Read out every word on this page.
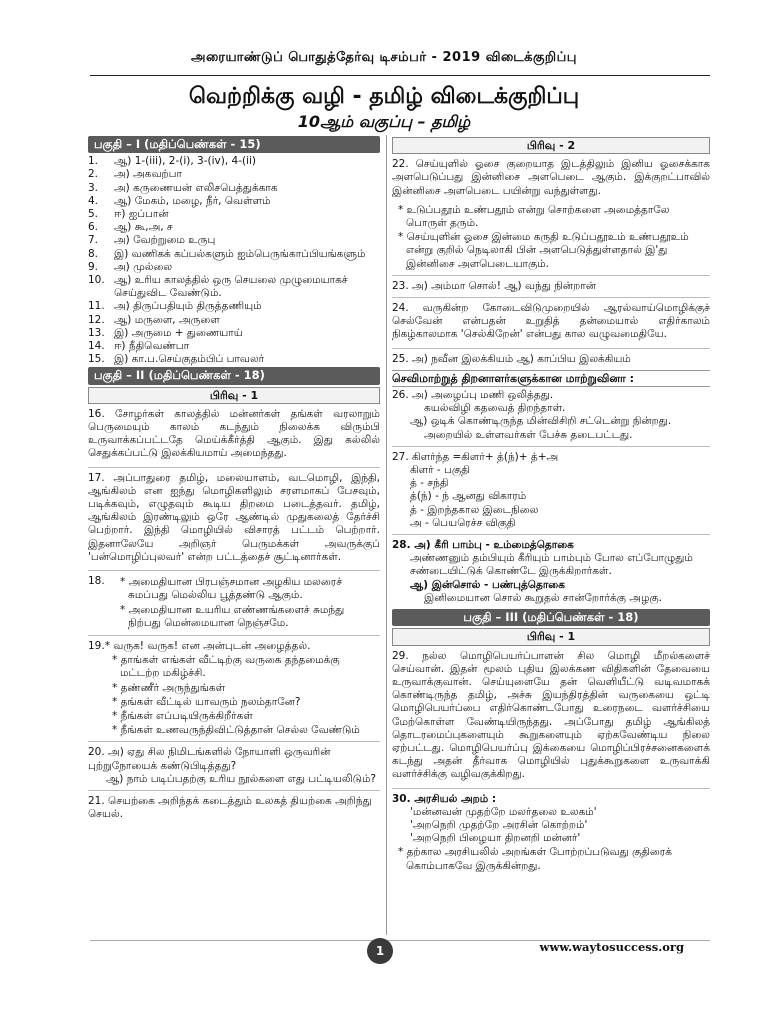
அரையாண்டுப் பொதுத்தேர்வு டிசம்பர் - 2019 விடைக்குறிப்பு
வெற்றிக்கு வழி - தமிழ் விடைக்குறிப்பு
10ஆம் வகுப்பு – தமிழ்
பகுதி – I (மதிப்பெண்கள் - 15)
1.	ஆ) 1-(iii), 2-(i), 3-(iv), 4-(ii)
2.	அ) அகவற்பா
3.	அ) கருணையன் எலிசபெத்துக்காக
4.	ஆ) மேகம், மழை, நீர், வெள்ளம்
5.	ஈ) ஐப்பான்
6.	ஆ) கூ,அ, ச
7.	அ) வேற்றுமை உருபு
8.	இ) வணிகக் கப்பல்களும் ஐம்பெருங்காப்பியங்களும்
9.	அ) முல்லை
10. ஆ) உரிய காலத்தில் ஒரு செயலை முழுமையாகச் செய்துவிட வேண்டும்.
11. அ) திருப்பதியும் திருத்தணியும்
12. ஆ) மருளை, அருளை
13. இ) அருமை + துணையாய்
14. ஈ) நீதிவெண்பா
15. இ) கா.ப.செய்குதம்பிப் பாவலர்
பகுதி – II (மதிப்பெண்கள் - 18)
பிரிவு - 1
16. சோழர்கள் காலத்தில் மன்னர்கள் தங்கள் வரலாறும் பெருமையும் காலம் கடந்தும் நிலைக்க விரும்பி உருவாக்கப்பட்டதே மெய்க்கீர்த்தி ஆகும். இது கல்லில் செதுக்கப்பட்டு இலக்கியமாய் அமைந்தது.
17. அப்பாதுரை தமிழ், மலையாளம், வடமொழி, இந்தி, ஆங்கிலம் என ஐந்து மொழிகளிலும் சரளமாகப் பேசவும், படிக்கவும், எழுதவும் கூடிய திறமை படைத்தவர். தமிழ், ஆங்கிலம் இரண்டிலும் ஒரே ஆண்டில் முதுகலைத் தேர்ச்சி பெற்றார். இந்தி மொழியில் விசாரத் பட்டம் பெற்றார். இதனாலேயே அறிஞர் பெருமக்கள் அவருக்குப் 'பன்மொழிப்புலவர்' என்ற பட்டத்தைச் சூட்டினார்கள்.
18.	* அமைதியான பிரபஞ்சமான அழகிய மலரைச் சுமப்பது மெல்லிய பூத்தண்டு ஆகும்.
* அமைதியான உயரிய எண்ணங்களைச் சுமந்து நிற்பது மென்மையான நெஞ்சமே.
19.* வருக! வருக! என அன்புடன் அழைத்தல்.
* தாங்கள் எங்கள் வீட்டிற்கு வருகை தந்தமைக்கு மட்டற்ற மகிழ்ச்சி.
* தண்ணீர் அருந்துங்கள்
* தங்கள் வீட்டில் யாவரும் நலம்தானே?
* நீங்கள் எப்படியிருக்கிறீர்கள்
* நீங்கள் உணவருந்திவிட்டுத்தான் செல்ல வேண்டும்
20. அ) ஏது சில நிமிடங்களில் நோயாளி ஒருவரின் புற்றுநோயைக் கண்டுபிடித்தது?
ஆ) நாம் படிப்பதற்கு உரிய நூல்களை எது பட்டியலிடும்?
21. செயற்கை அறிந்தக் கடைத்தும் உலகத் தியற்கை அறிந்து செயல்.
பிரிவு - 2
22. செய்யுளில் ஓசை குறையாத இடத்திலும் இனிய ஓசைக்காக அளபெடுப்பது இன்னிசை அளபெடை ஆகும். இக்குறட்பாவில் இன்னிசை அளபெடை பயின்று வந்துள்ளது.
* உடுப்பதூம் உண்பதூம் என்று சொற்களை அமைத்தாலே பொருள் தரும்.
* செய்யுளின் ஓசை இன்மை கருதி உடுப்பதூஉம் உண்பதூஉம் என்று குறில் நெடிலாகி பின் அளபெடுத்துள்ளதால் இ'து இன்னிசை அளபெடையாகும்.
23. அ) அம்மா சொல்! ஆ) வந்து நின்றான்
24. வருகின்ற கோடைவிடுமுறையில் ஆரல்வாய்மொழிக்குச் செல்வேன் என்பதன் உறுதித் தன்மையால் எதிர்காலம் நிகழ்காலமாக 'செல்கிறேன்' என்பது கால வழுவமைதியே.
25. அ) நவீன இலக்கியம் ஆ) காப்பிய இலக்கியம்
செவிமாற்றுத் திறனாளர்களுக்கான மாற்றுவினா :
26. அ) அழைப்பு மணி ஒலித்தது.
கயல்விழி கதவைத் திறந்தாள்.
ஆ) ஒடிக் கொண்டிருந்த மின்விசிறி சட்டென்று நின்றது.
அறையில் உள்ளவர்கள் பேச்சு தடைபட்டது.
27. கிளர்ந்த =கிளர்+ த்(ந்)+ த்+அ
கிளர் - பகுதி
த் - சந்தி
த்(ந்) - ந் ஆனது விகாரம்
த் - இறந்தகால இடைநிலை
அ - பெயரெச்ச விகுதி
28. அ) கீரி பாம்பு - உம்மைத்தொகை
அண்ணனும் தம்பியும் கீரியும் பாம்பும் போல எப்போழுதும் சண்டையிட்டுக் கொண்டே இருக்கிறார்கள்.
ஆ) இன்சொல் - பண்புத்தொகை
இனிமையான சொல் கூறுதல் சான்றோர்க்கு அழகு.
பகுதி – III (மதிப்பெண்கள் - 18)
பிரிவு - 1
29. நல்ல மொழிபெயர்ப்பாளன் சில மொழி மீறல்களைச் செய்வான். இதன் மூலம் புதிய இலக்கண விதிகளின் தேவையை உருவாக்குவான். செய்யுளையே தன் வெளியீட்டு வடிவமாகக் கொண்டிருந்த தமிழ், அச்சு இயந்திரத்தின் வருகையை ஒட்டி மொழிபெயர்ப்பை எதிர்கொண்டபோது உரைநடை வளர்ச்சியை மேற்கொள்ள வேண்டியிருந்தது. அப்போது தமிழ் ஆங்கிலத் தொடரமைப்புகளையும் கூறுகளையும் ஏற்கவேண்டிய நிலை ஏற்பட்டது. மொழிபெயர்ப்பு இக்கையை மொழிப்பிரச்சனைகளைக் கடந்து அதன் தீர்வாக மொழியில் புதுக்கூறுகளை உருவாக்கி வளர்ச்சிக்கு வழிவகுக்கிறது.
30. அரசியல் அறம் :
'மன்னவன் முதற்றே மலர்தலை உலகம்'
'அறநெறி முதற்றே அரசின் கொற்றம்'
'அறநெறி பிழையா திறனறி மன்னர்'
* தற்கால அரசியலில் அறங்கள் போற்றப்படுவது குதிரைக் கொம்பாகவே இருக்கின்றது.
1	www.waytosuccess.org
